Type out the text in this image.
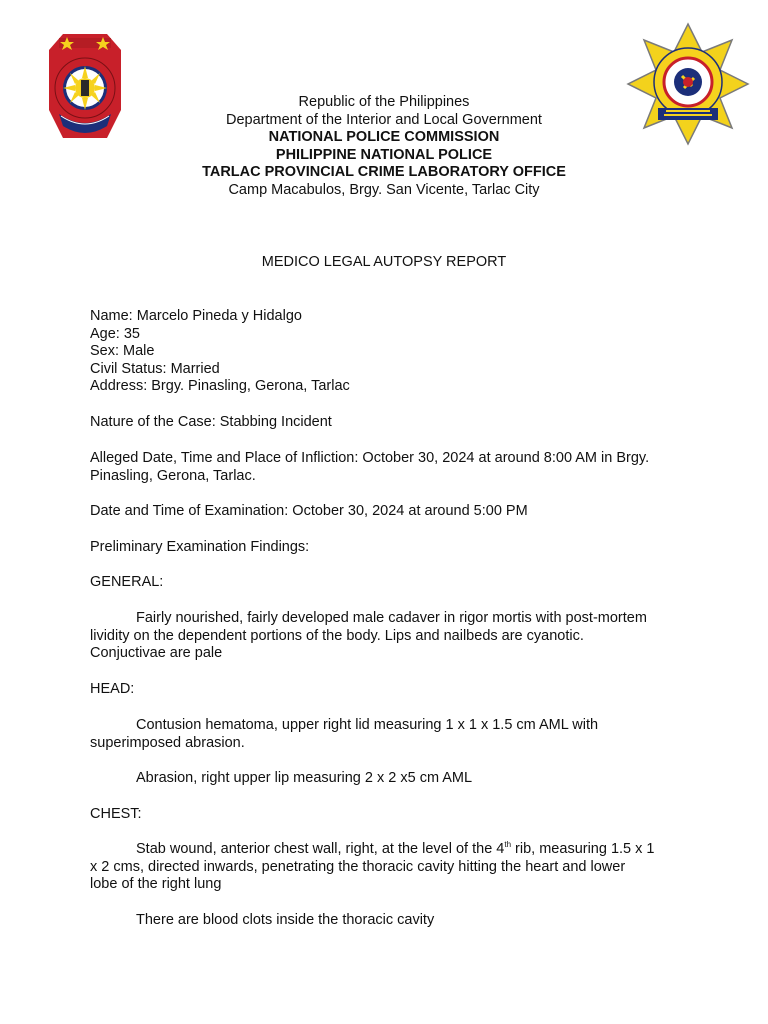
Republic of the Philippines
Department of the Interior and Local Government
NATIONAL POLICE COMMISSION
PHILIPPINE NATIONAL POLICE
TARLAC PROVINCIAL CRIME LABORATORY OFFICE
Camp Macabulos, Brgy. San Vicente, Tarlac City
MEDICO LEGAL AUTOPSY REPORT

Name: Marcelo Pineda y Hidalgo

Age: 35

Sex: Male

Civil Status: Married

Address: Brgy. Pinasling, Gerona, Tarlac

Nature of the Case: Stabbing Incident

Alleged Date, Time and Place of Infliction: October 30, 2024 at around 8:00 AM in Brgy.

Pinasling, Gerona, Tarlac.

Date and Time of Examination: October 30, 2024 at around 5:00 PM

Preliminary Examination Findings:

GENERAL:

Fairly nourished, fairly developed male cadaver in rigor mortis with post-mortem

lividity on the dependent portions of the body. Lips and nailbeds are cyanotic.

Conjuctivae are pale

HEAD:

Contusion hematoma, upper right lid measuring 1 x 1 x 1.5 cm AML with

superimposed abrasion.

Abrasion, right upper lip measuring 2 x 2 x5 cm AML

CHEST:

Stab wound, anterior chest wall, right, at the level of the 4th rib, measuring 1.5 x 1

x 2 cms, directed inwards, penetrating the thoracic cavity hitting the heart and lower

lobe of the right lung

There are blood clots inside the thoracic cavity
